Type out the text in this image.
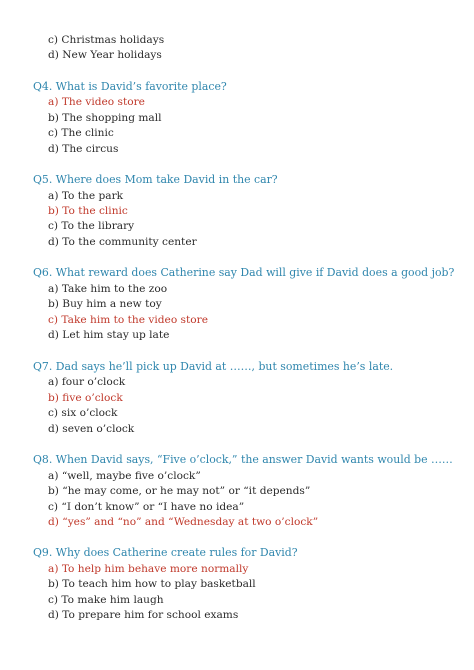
c) Christmas holidays
d) New Year holidays
Q4. What is David’s favorite place?
a) The video store
b) The shopping mall
c) The clinic
d) The circus
Q5. Where does Mom take David in the car?
a) To the park
b) To the clinic
c) To the library
d) To the community center
Q6. What reward does Catherine say Dad will give if David does a good job?
a) Take him to the zoo
b) Buy him a new toy
c) Take him to the video store
d) Let him stay up late
Q7. Dad says he’ll pick up David at ……, but sometimes he’s late.
a) four o’clock
b) five o’clock
c) six o’clock
d) seven o’clock
Q8. When David says, “Five o’clock,” the answer David wants would be ……
a) “well, maybe five o’clock”
b) “he may come, or he may not” or “it depends”
c) “I don’t know” or “I have no idea”
d) “yes” and “no” and “Wednesday at two o’clock”
Q9. Why does Catherine create rules for David?
a) To help him behave more normally
b) To teach him how to play basketball
c) To make him laugh
d) To prepare him for school exams
